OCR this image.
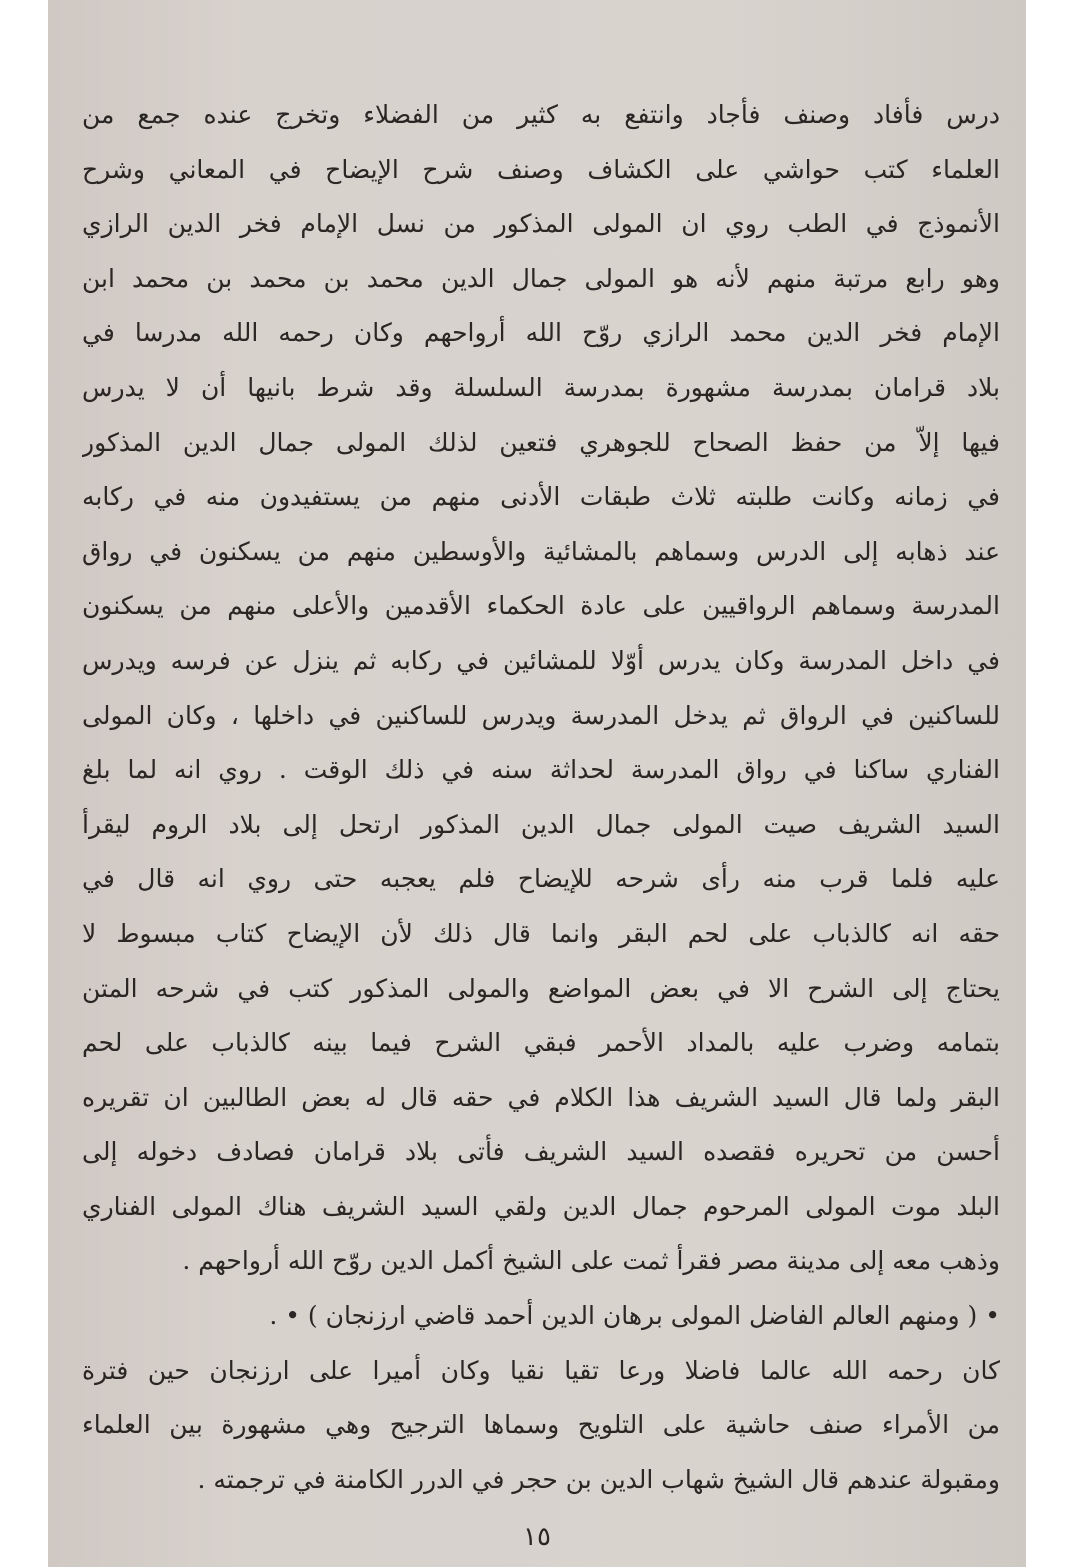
درس فأفاد وصنف فأجاد وانتفع به كثير من الفضلاء وتخرج عنده جمع من
العلماء كتب حواشي على الكشاف وصنف شرح الإيضاح في المعاني وشرح
الأنموذج في الطب روي ان المولى المذكور من نسل الإمام فخر الدين الرازي
وهو رابع مرتبة منهم لأنه هو المولى جمال الدين محمد بن محمد بن محمد ابن
الإمام فخر الدين محمد الرازي روّح الله أرواحهم وكان رحمه الله مدرسا في
بلاد قرامان بمدرسة مشهورة بمدرسة السلسلة وقد شرط بانيها أن لا يدرس
فيها إلاّ من حفظ الصحاح للجوهري فتعين لذلك المولى جمال الدين المذكور
في زمانه وكانت طلبته ثلاث طبقات الأدنى منهم من يستفيدون منه في ركابه
عند ذهابه إلى الدرس وسماهم بالمشائية والأوسطين منهم من يسكنون في رواق
المدرسة وسماهم الرواقيين على عادة الحكماء الأقدمين والأعلى منهم من يسكنون
في داخل المدرسة وكان يدرس أوّلا للمشائين في ركابه ثم ينزل عن فرسه ويدرس
للساكنين في الرواق ثم يدخل المدرسة ويدرس للساكنين في داخلها ، وكان المولى
الفناري ساكنا في رواق المدرسة لحداثة سنه في ذلك الوقت . روي انه لما بلغ
السيد الشريف صيت المولى جمال الدين المذكور ارتحل إلى بلاد الروم ليقرأ
عليه فلما قرب منه رأى شرحه للإيضاح فلم يعجبه حتى روي انه قال في
حقه انه كالذباب على لحم البقر وانما قال ذلك لأن الإيضاح كتاب مبسوط لا
يحتاج إلى الشرح الا في بعض المواضع والمولى المذكور كتب في شرحه المتن
بتمامه وضرب عليه بالمداد الأحمر فبقي الشرح فيما بينه كالذباب على لحم
البقر ولما قال السيد الشريف هذا الكلام في حقه قال له بعض الطالبين ان تقريره
أحسن من تحريره فقصده السيد الشريف فأتى بلاد قرامان فصادف دخوله إلى
البلد موت المولى المرحوم جمال الدين ولقي السيد الشريف هناك المولى الفناري
وذهب معه إلى مدينة مصر فقرأ ثمت على الشيخ أكمل الدين روّح الله أرواحهم .
• ( ومنهم العالم الفاضل المولى برهان الدين أحمد قاضي ارزنجان ) • .
كان رحمه الله عالما فاضلا ورعا تقيا نقيا وكان أميرا على ارزنجان حين فترة
من الأمراء صنف حاشية على التلويح وسماها الترجيح وهي مشهورة بين العلماء
ومقبولة عندهم قال الشيخ شهاب الدين بن حجر في الدرر الكامنة في ترجمته .
١٥
